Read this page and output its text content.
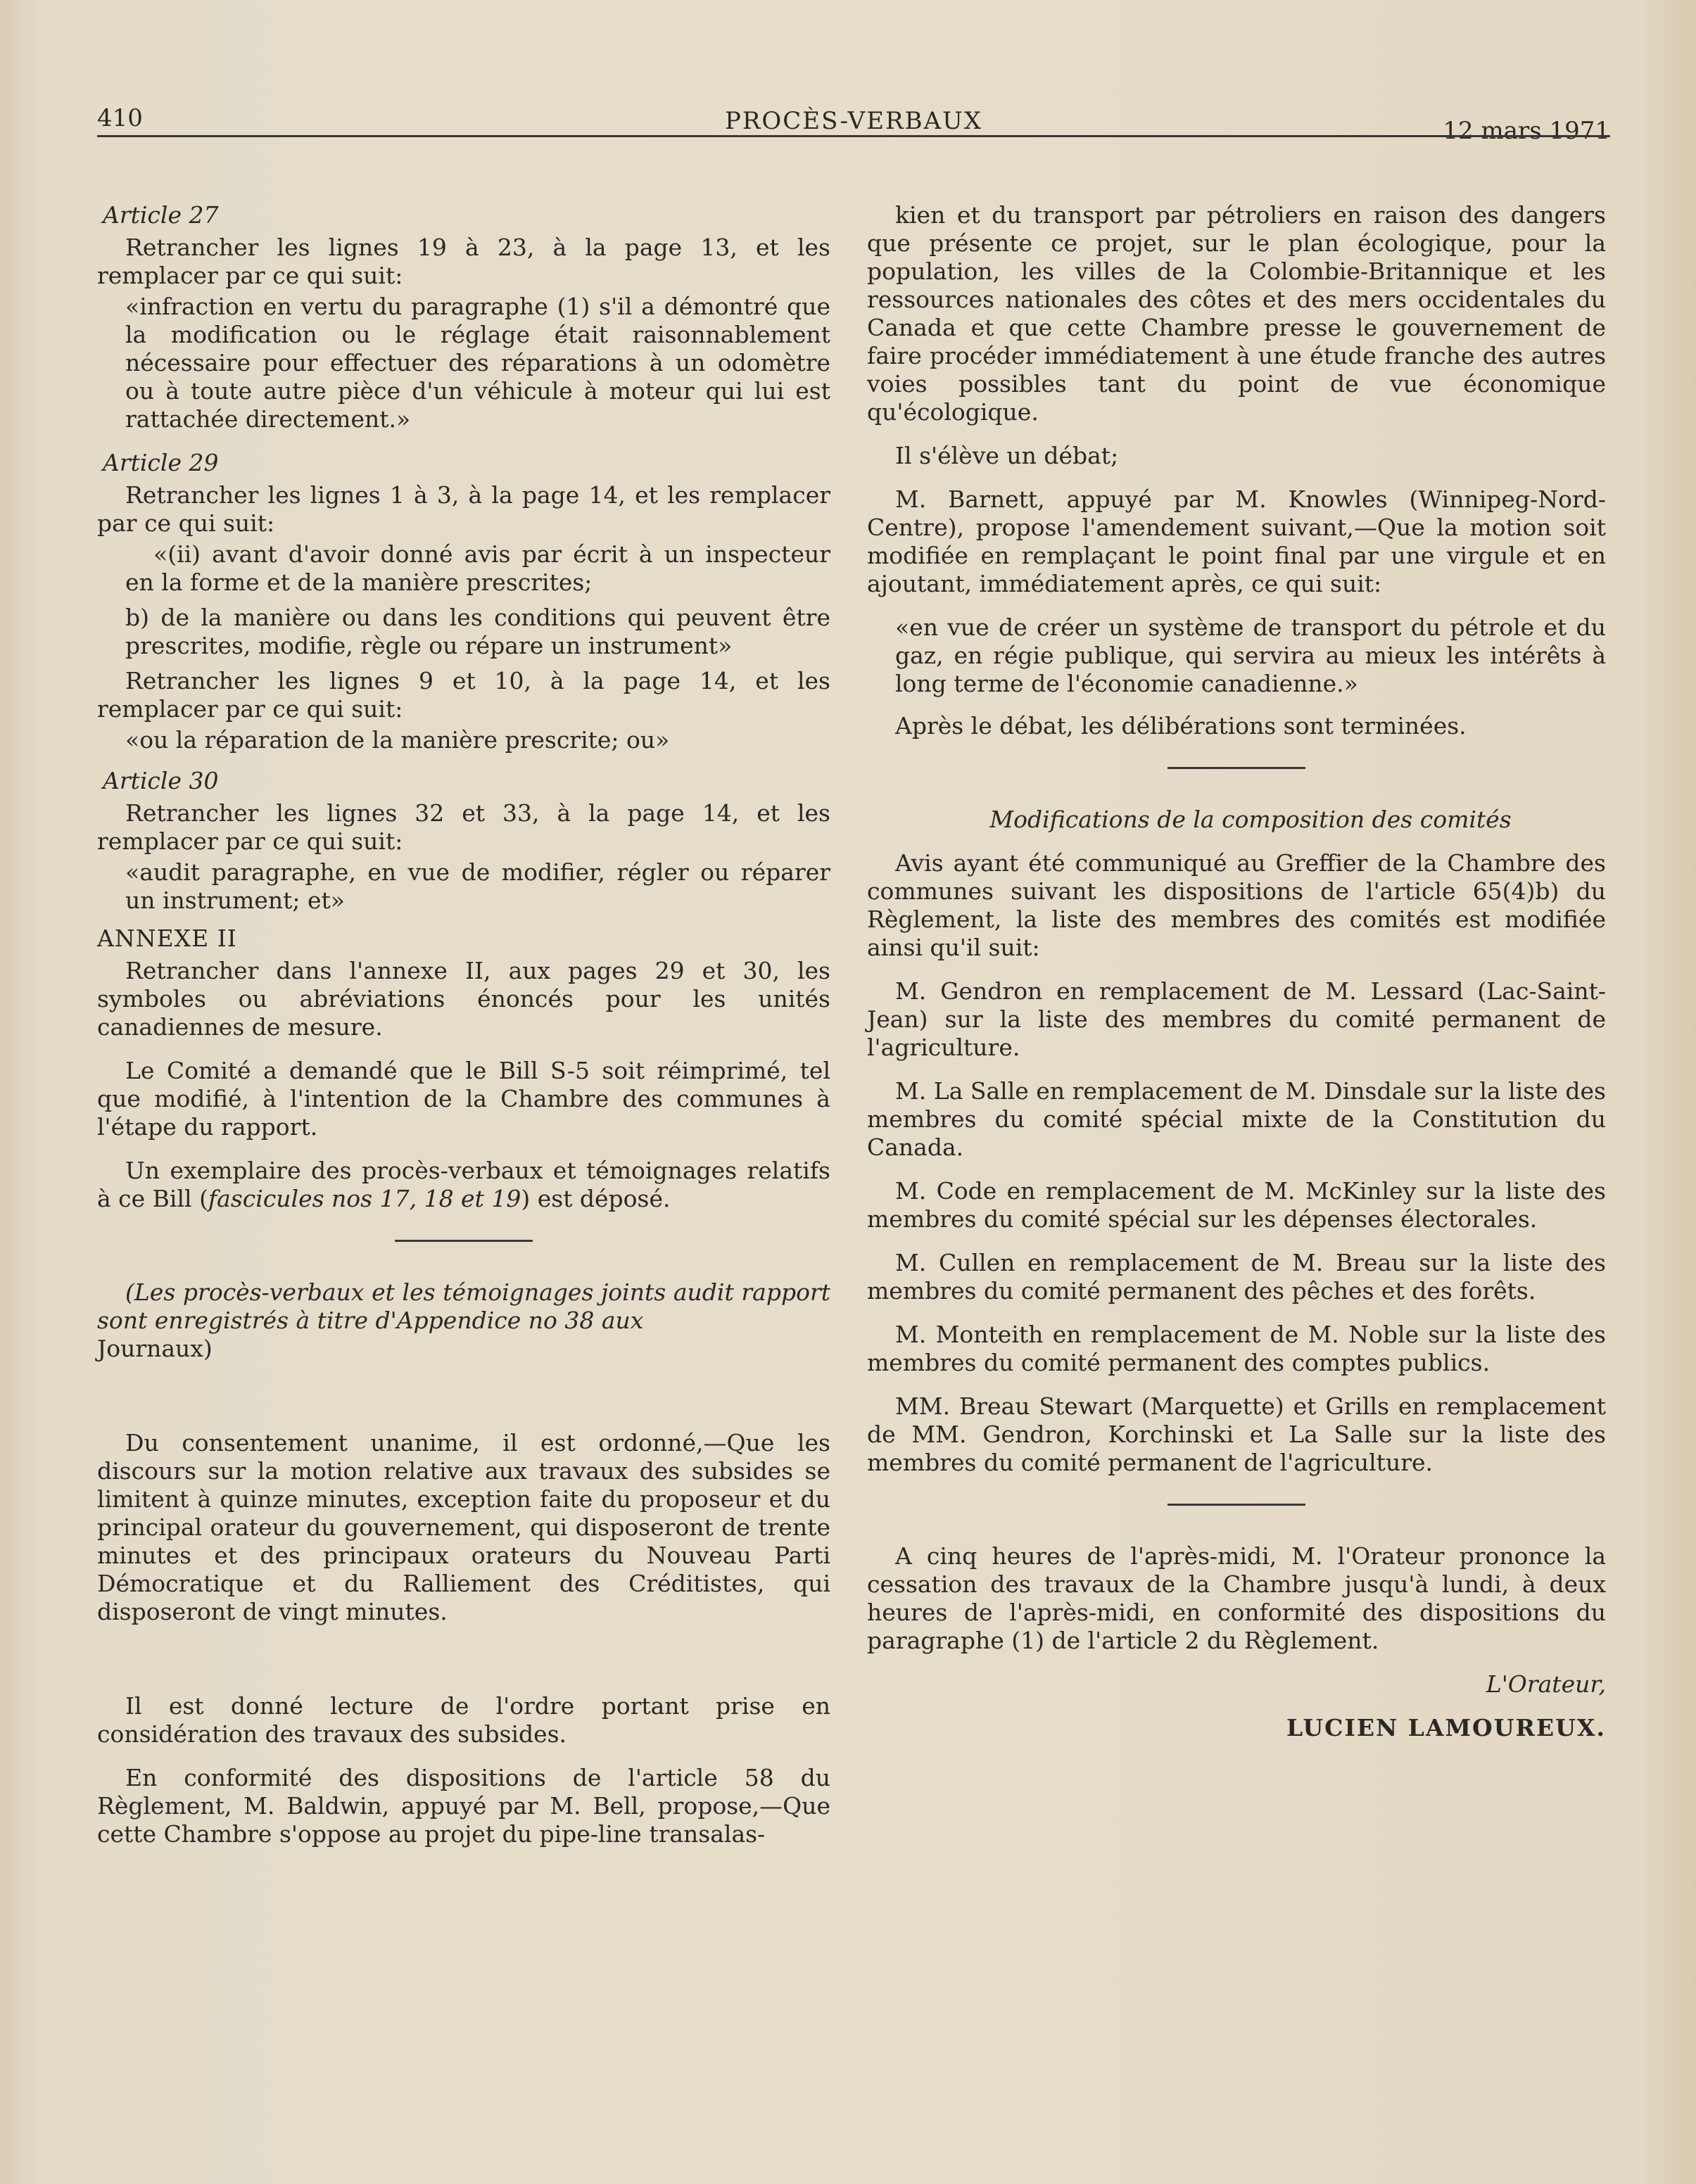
410	PROCÈS-VERBAUX	12 mars 1971

Article 27

Retrancher les lignes 19 à 23, à la page 13, et les remplacer par ce qui suit:

«infraction en vertu du paragraphe (1) s'il a démontré que la modification ou le réglage était raisonnablement nécessaire pour effectuer des réparations à un odomètre ou à toute autre pièce d'un véhicule à moteur qui lui est rattachée directement.»

Article 29

Retrancher les lignes 1 à 3, à la page 14, et les remplacer par ce qui suit:

«(ii) avant d'avoir donné avis par écrit à un inspecteur en la forme et de la manière prescrites;

b) de la manière ou dans les conditions qui peuvent être prescrites, modifie, règle ou répare un instrument»

Retrancher les lignes 9 et 10, à la page 14, et les remplacer par ce qui suit:

«ou la réparation de la manière prescrite; ou»

Article 30

Retrancher les lignes 32 et 33, à la page 14, et les remplacer par ce qui suit:

«audit paragraphe, en vue de modifier, régler ou réparer un instrument; et»

ANNEXE II

Retrancher dans l'annexe II, aux pages 29 et 30, les symboles ou abréviations énoncés pour les unités canadiennes de mesure.

Le Comité a demandé que le Bill S-5 soit réimprimé, tel que modifié, à l'intention de la Chambre des communes à l'étape du rapport.

Un exemplaire des procès-verbaux et témoignages relatifs à ce Bill (fascicules nos 17, 18 et 19) est déposé.

(Les procès-verbaux et les témoignages joints audit rapport sont enregistrés à titre d'Appendice no 38 aux

Journaux)

Du consentement unanime, il est ordonné,—Que les discours sur la motion relative aux travaux des subsides se limitent à quinze minutes, exception faite du proposeur et du principal orateur du gouvernement, qui disposeront de trente minutes et des principaux orateurs du Nouveau Parti Démocratique et du Ralliement des Créditistes, qui disposeront de vingt minutes.

Il est donné lecture de l'ordre portant prise en considération des travaux des subsides.

En conformité des dispositions de l'article 58 du Règlement, M. Baldwin, appuyé par M. Bell, propose,—Que cette Chambre s'oppose au projet du pipe-line transalas-

kien et du transport par pétroliers en raison des dangers que présente ce projet, sur le plan écologique, pour la population, les villes de la Colombie-Britannique et les ressources nationales des côtes et des mers occidentales du Canada et que cette Chambre presse le gouvernement de faire procéder immédiatement à une étude franche des autres voies possibles tant du point de vue économique qu'écologique.

Il s'élève un débat;

M. Barnett, appuyé par M. Knowles (Winnipeg-Nord-Centre), propose l'amendement suivant,—Que la motion soit modifiée en remplaçant le point final par une virgule et en ajoutant, immédiatement après, ce qui suit:

«en vue de créer un système de transport du pétrole et du gaz, en régie publique, qui servira au mieux les intérêts à long terme de l'économie canadienne.»

Après le débat, les délibérations sont terminées.

Modifications de la composition des comités

Avis ayant été communiqué au Greffier de la Chambre des communes suivant les dispositions de l'article 65(4)b) du Règlement, la liste des membres des comités est modifiée ainsi qu'il suit:

M. Gendron en remplacement de M. Lessard (Lac-Saint-Jean) sur la liste des membres du comité permanent de l'agriculture.

M. La Salle en remplacement de M. Dinsdale sur la liste des membres du comité spécial mixte de la Constitution du Canada.

M. Code en remplacement de M. McKinley sur la liste des membres du comité spécial sur les dépenses électorales.

M. Cullen en remplacement de M. Breau sur la liste des membres du comité permanent des pêches et des forêts.

M. Monteith en remplacement de M. Noble sur la liste des membres du comité permanent des comptes publics.

MM. Breau Stewart (Marquette) et Grills en remplacement de MM. Gendron, Korchinski et La Salle sur la liste des membres du comité permanent de l'agriculture.

A cinq heures de l'après-midi, M. l'Orateur prononce la cessation des travaux de la Chambre jusqu'à lundi, à deux heures de l'après-midi, en conformité des dispositions du paragraphe (1) de l'article 2 du Règlement.

L'Orateur,

LUCIEN LAMOUREUX.
